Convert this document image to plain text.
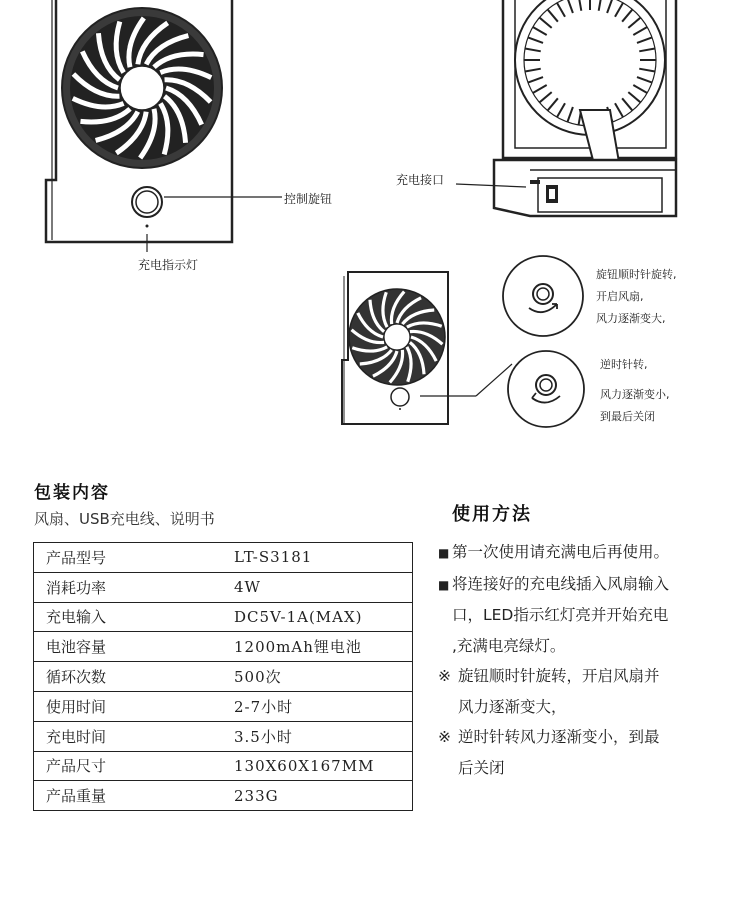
控制旋钮
充电指示灯
充电接口
旋钮顺时针旋转,
开启风扇,
风力逐渐变大,
逆时针转,
风力逐渐变小,
到最后关闭
包装内容
风扇、USB充电线、说明书
产品型号	LT-S3181
消耗功率	4W
充电输入	DC5V-1A(MAX)
电池容量	1200mAh锂电池
循环次数	500次
使用时间	2-7小时
充电时间	3.5小时
产品尺寸	130X60X167MM
产品重量	233G
使用方法
■ 第一次使用请充满电后再使用。
■ 将连接好的充电线插入风扇输入
口，LED指示红灯亮并开始充电
,充满电亮绿灯。
※ 旋钮顺时针旋转，开启风扇并
风力逐渐变大，
※ 逆时针转风力逐渐变小，到最
后关闭
